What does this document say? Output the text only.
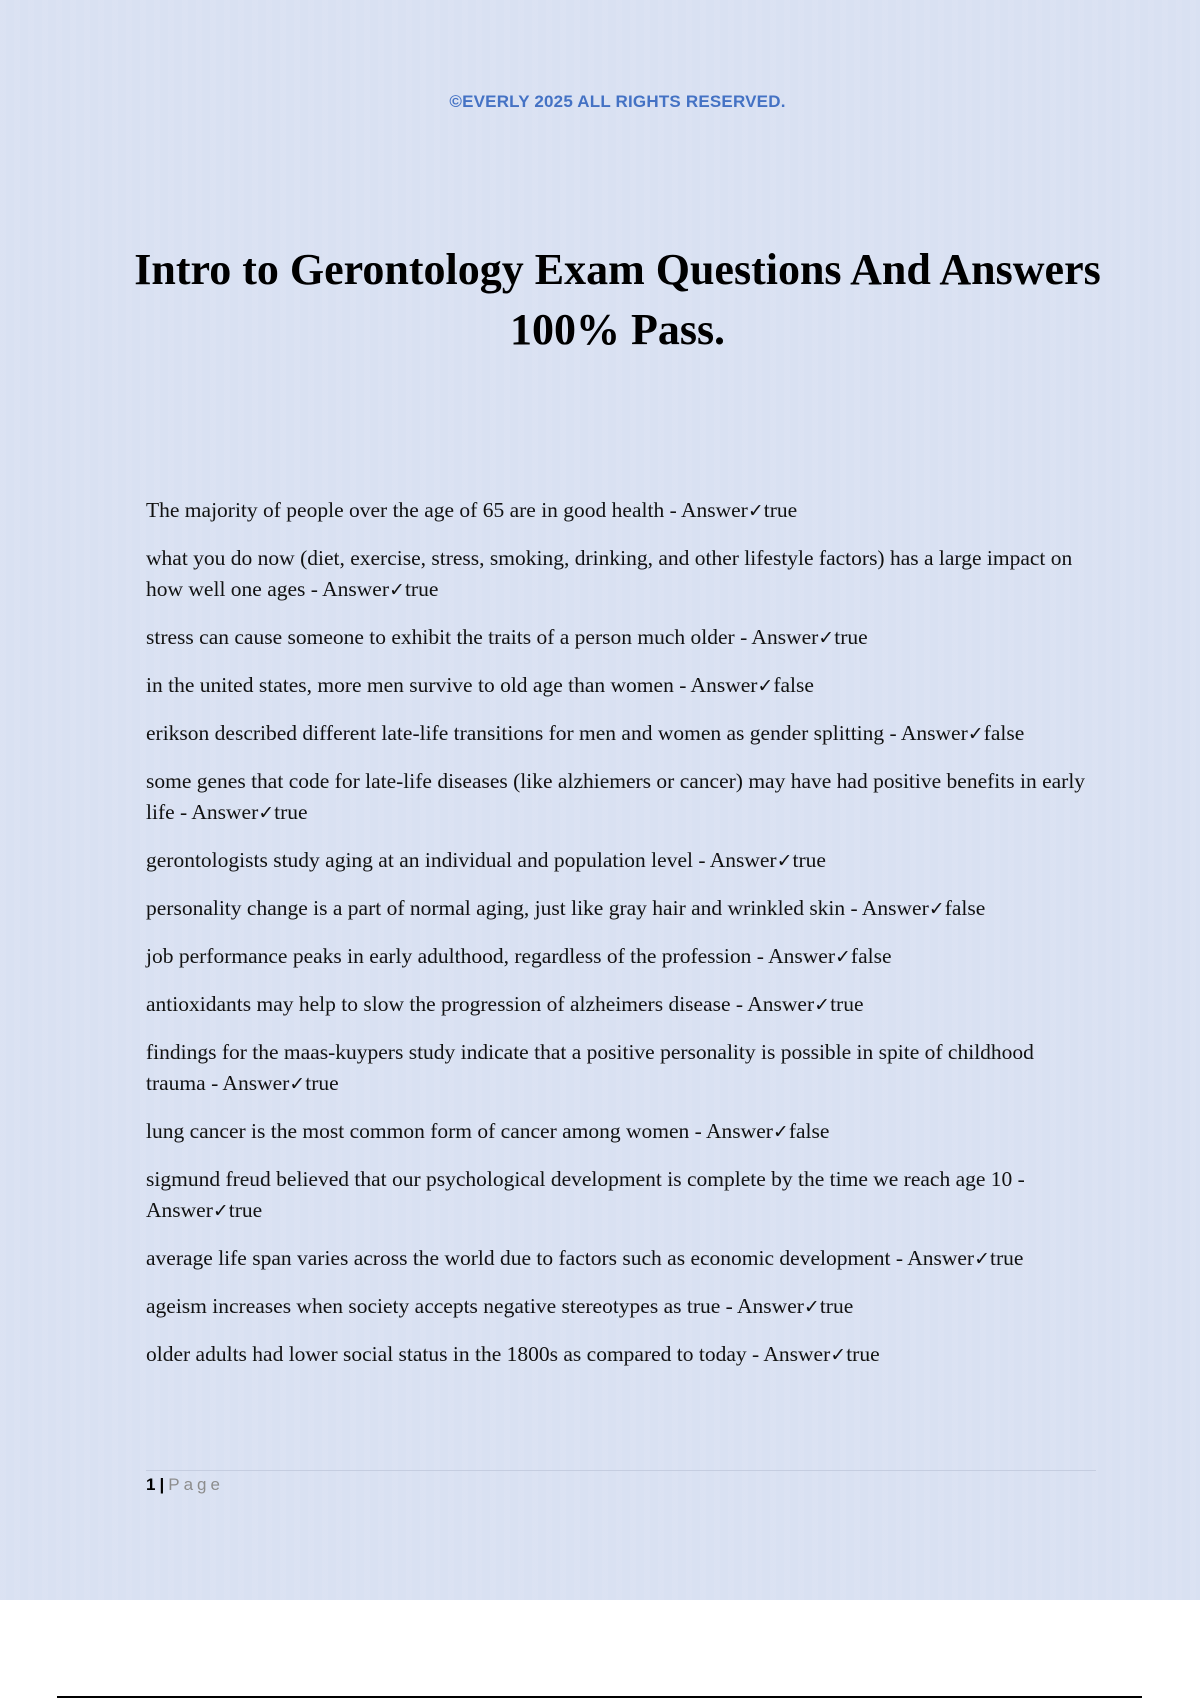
©EVERLY 2025 ALL RIGHTS RESERVED.
Intro to Gerontology Exam Questions And Answers 100% Pass.
The majority of people over the age of 65 are in good health - Answer✓true
what you do now (diet, exercise, stress, smoking, drinking, and other lifestyle factors) has a large impact on how well one ages - Answer✓true
stress can cause someone to exhibit the traits of a person much older - Answer✓true
in the united states, more men survive to old age than women - Answer✓false
erikson described different late-life transitions for men and women as gender splitting - Answer✓false
some genes that code for late-life diseases (like alzhiemers or cancer) may have had positive benefits in early life - Answer✓true
gerontologists study aging at an individual and population level - Answer✓true
personality change is a part of normal aging, just like gray hair and wrinkled skin - Answer✓false
job performance peaks in early adulthood, regardless of the profession - Answer✓false
antioxidants may help to slow the progression of alzheimers disease - Answer✓true
findings for the maas-kuypers study indicate that a positive personality is possible in spite of childhood trauma - Answer✓true
lung cancer is the most common form of cancer among women - Answer✓false
sigmund freud believed that our psychological development is complete by the time we reach age 10 - Answer✓true
average life span varies across the world due to factors such as economic development - Answer✓true
ageism increases when society accepts negative stereotypes as true - Answer✓true
older adults had lower social status in the 1800s as compared to today - Answer✓true
1 | Page
